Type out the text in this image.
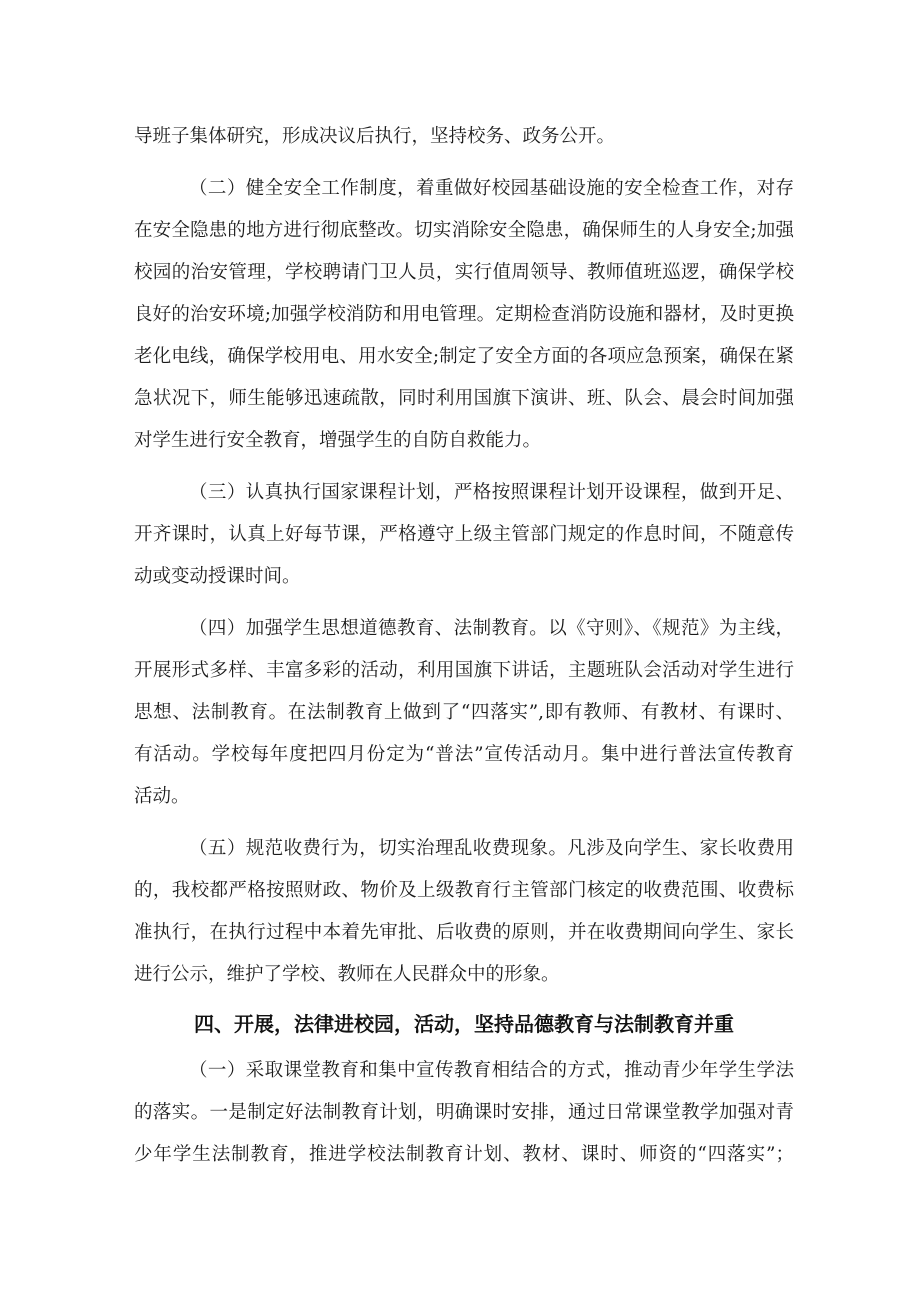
导班子集体研究，形成决议后执行，坚持校务、政务公开。
（二）健全安全工作制度，着重做好校园基础设施的安全检查工作，对存
在安全隐患的地方进行彻底整改。切实消除安全隐患，确保师生的人身安全;加强
校园的治安管理，学校聘请门卫人员，实行值周领导、教师值班巡逻，确保学校
良好的治安环境;加强学校消防和用电管理。定期检查消防设施和器材，及时更换
老化电线，确保学校用电、用水安全;制定了安全方面的各项应急预案，确保在紧
急状况下，师生能够迅速疏散，同时利用国旗下演讲、班、队会、晨会时间加强
对学生进行安全教育，增强学生的自防自救能力。
（三）认真执行国家课程计划，严格按照课程计划开设课程，做到开足、
开齐课时，认真上好每节课，严格遵守上级主管部门规定的作息时间，不随意传
动或变动授课时间。
（四）加强学生思想道德教育、法制教育。以《守则》、《规范》为主线，
开展形式多样、丰富多彩的活动，利用国旗下讲话，主题班队会活动对学生进行
思想、法制教育。在法制教育上做到了“四落实”,即有教师、有教材、有课时、
有活动。学校每年度把四月份定为“普法”宣传活动月。集中进行普法宣传教育
活动。
（五）规范收费行为，切实治理乱收费现象。凡涉及向学生、家长收费用
的，我校都严格按照财政、物价及上级教育行主管部门核定的收费范围、收费标
准执行，在执行过程中本着先审批、后收费的原则，并在收费期间向学生、家长
进行公示，维护了学校、教师在人民群众中的形象。
四、开展，法律进校园，活动，坚持品德教育与法制教育并重
（一）采取课堂教育和集中宣传教育相结合的方式，推动青少年学生学法
的落实。一是制定好法制教育计划，明确课时安排，通过日常课堂教学加强对青
少年学生法制教育，推进学校法制教育计划、教材、课时、师资的“四落实”；
